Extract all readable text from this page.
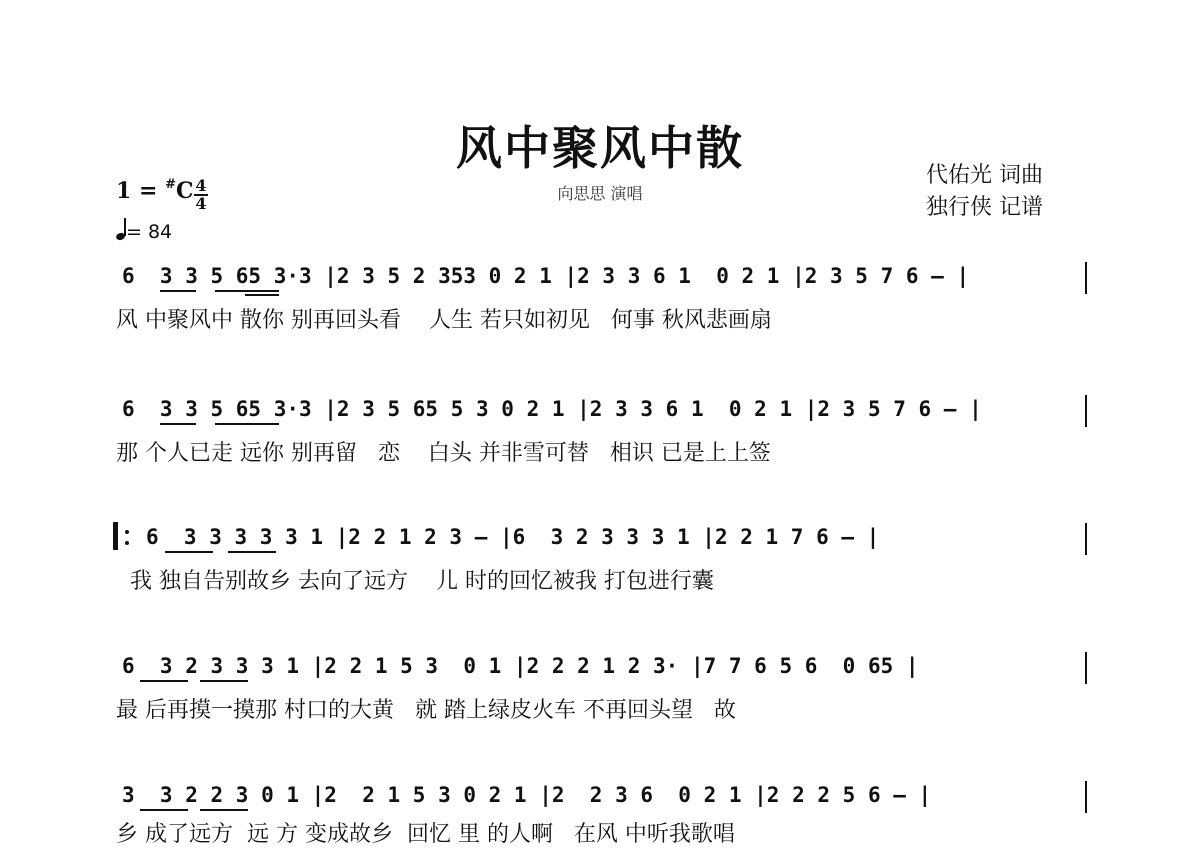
风中聚风中散
向思思 演唱
代佑光 词曲
独行侠 记谱
1 = #C 4
4
= 84
6  3 3 5 65 3·3 |2 3 5 2 353 0 2 1 |2 3 3 6 1  0 2 1 |2 3 5 7 6 – |
风 中聚风中 散你 别再回头看    人生 若只如初见   何事 秋风悲画扇
6  3 3 5 65 3·3 |2 3 5 65 5 3 0 2 1 |2 3 3 6 1  0 2 1 |2 3 5 7 6 – |
那 个人已走 远你 别再留   恋    白头 并非雪可替   相识 已是上上签
6  3 3 3 3 3 1 |2 2 1 2 3 – |6  3 2 3 3 3 1 |2 2 1 7 6 – |
我 独自告别故乡 去向了远方    儿 时的回忆被我 打包进行囊
6  3 2 3 3 3 1 |2 2 1 5 3  0 1 |2 2 2 1 2 3· |7 7 6 5 6  0 65 |
最 后再摸一摸那 村口的大黄   就 踏上绿皮火车 不再回头望   故
3  3 2 2 3 0 1 |2  2 1 5 3 0 2 1 |2  2 3 6  0 2 1 |2 2 2 5 6 – |
乡 成了远方  远 方 变成故乡  回忆 里 的人啊   在风 中听我歌唱
